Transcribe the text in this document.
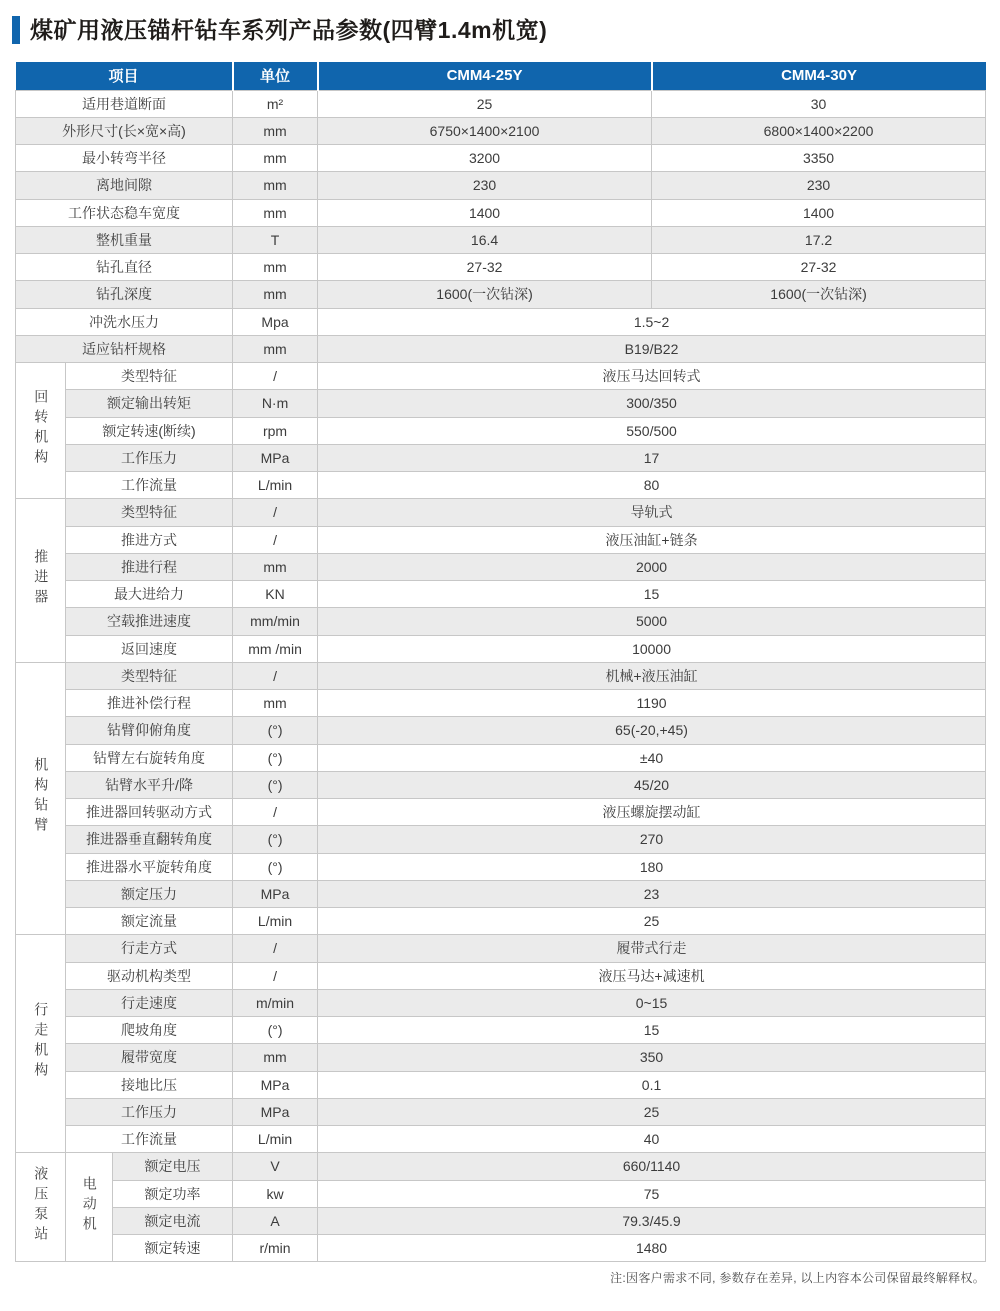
煤矿用液压锚杆钻车系列产品参数(四臂1.4m机宽)
项目			单位	CMM4-25Y	CMM4-30Y
适用巷道断面			m²	25	30
外形尺寸(长×宽×高)			mm	6750×1400×2100	6800×1400×2200
最小转弯半径			mm	3200	3350
离地间隙			mm	230	230
工作状态稳车宽度			mm	1400	1400
整机重量			T	16.4	17.2
钻孔直径			mm	27-32	27-32
钻孔深度			mm	1600(一次钻深)	1600(一次钻深)
冲洗水压力			Mpa	1.5~2	
适应钻杆规格			mm	B19/B22	
回转机构	类型特征		/	液压马达回转式	
	额定输出转矩		N·m	300/350	
	额定转速(断续)		rpm	550/500	
	工作压力		MPa	17	
	工作流量		L/min	80	
推进器	类型特征		/	导轨式	
	推进方式		/	液压油缸+链条	
	推进行程		mm	2000	
	最大进给力		KN	15	
	空载推进速度		mm/min	5000	
	返回速度		mm /min	10000	
机构钻臂	类型特征		/	机械+液压油缸	
	推进补偿行程		mm	1190	
	钻臂仰俯角度		(°)	65(-20,+45)	
	钻臂左右旋转角度		(°)	±40	
	钻臂水平升/降		(°)	45/20	
	推进器回转驱动方式		/	液压螺旋摆动缸	
	推进器垂直翻转角度		(°)	270	
	推进器水平旋转角度		(°)	180	
	额定压力		MPa	23	
	额定流量		L/min	25	
行走机构	行走方式		/	履带式行走	
	驱动机构类型		/	液压马达+减速机	
	行走速度		m/min	0~15	
	爬坡角度		(°)	15	
	履带宽度		mm	350	
	接地比压		MPa	0.1	
	工作压力		MPa	25	
	工作流量		L/min	40	
液压泵站	电动机	额定电压	V	660/1140	
		额定功率	kw	75	
		额定电流	A	79.3/45.9	
		额定转速	r/min	1480	
注:因客户需求不同, 参数存在差异, 以上内容本公司保留最终解释权。
